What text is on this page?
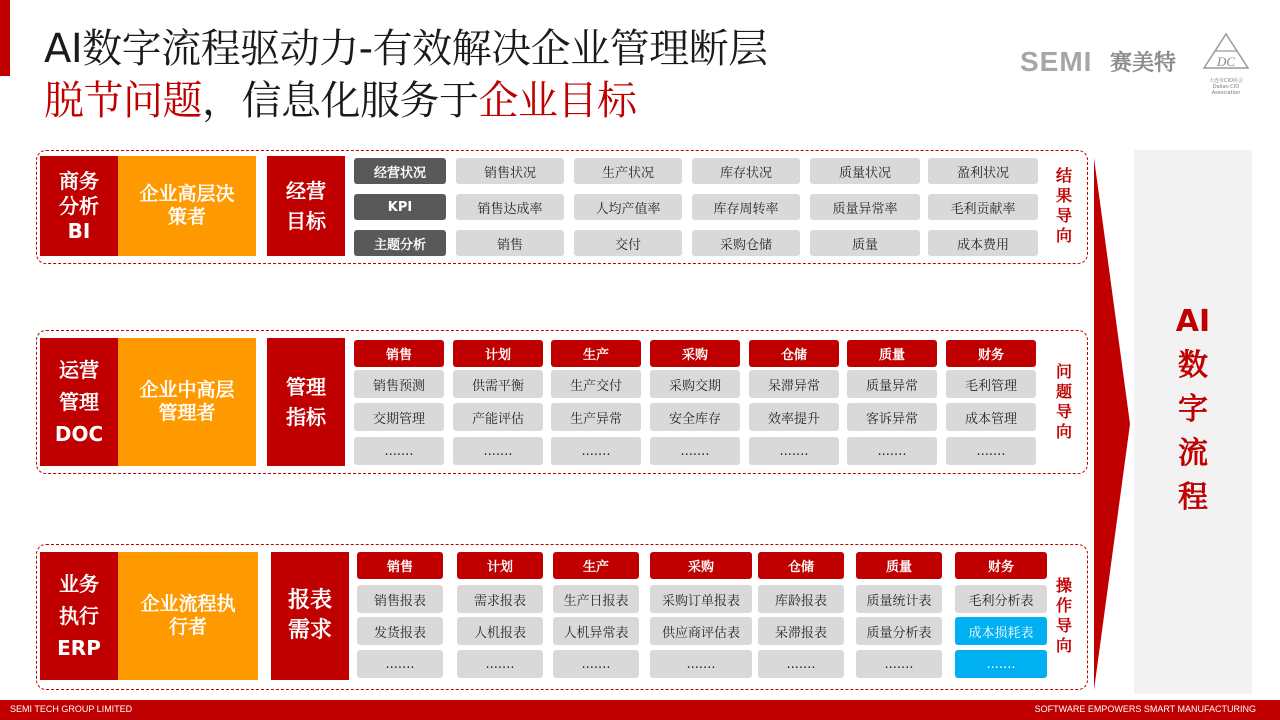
AI数字流程驱动力-有效解决企业管理断层
脱节问题，信息化服务于企业目标
SEMI 赛美特	DC
大连市CIO协会
Dalian CIO Association
商务
分析
BI
企业高层决
策者
经营
目标
经营状况	销售状况	生产状况	库存状况	质量状况	盈利状况
KPI	销售达成率	人均产值率	库存周转率	质量异常率	毛利贡献率
主题分析	销售	交付	采购仓储	质量	成本费用
结
果
导
向
运营
管理
DOC
企业中高层
管理者
管理
指标
销售	计划	生产	采购	仓储	质量	财务
销售预测	供需平衡	生产交付	采购交期	呆滞异常	质量异常	毛利管理
交期管理	产能评估	生产异常	安全库存	效率提升	客诉异常	成本管理
.......	.......	.......	.......	.......	.......	.......
问
题
导
向
业务
执行
ERP
企业流程执
行者
报表
需求
销售	计划	生产	采购	仓储	质量	财务
销售报表	需求报表	生产日报表	采购订单报表	库龄报表	质量统计表	毛利分析表
发货报表	人机报表	人机异常表	供应商评估表	呆滞报表	质量分析表	成本损耗表
.......	.......	.......	.......	.......	.......	.......
操
作
导
向
AI
数
字
流
程
SEMI TECH GROUP LIMITED	SOFTWARE EMPOWERS SMART MANUFACTURING
